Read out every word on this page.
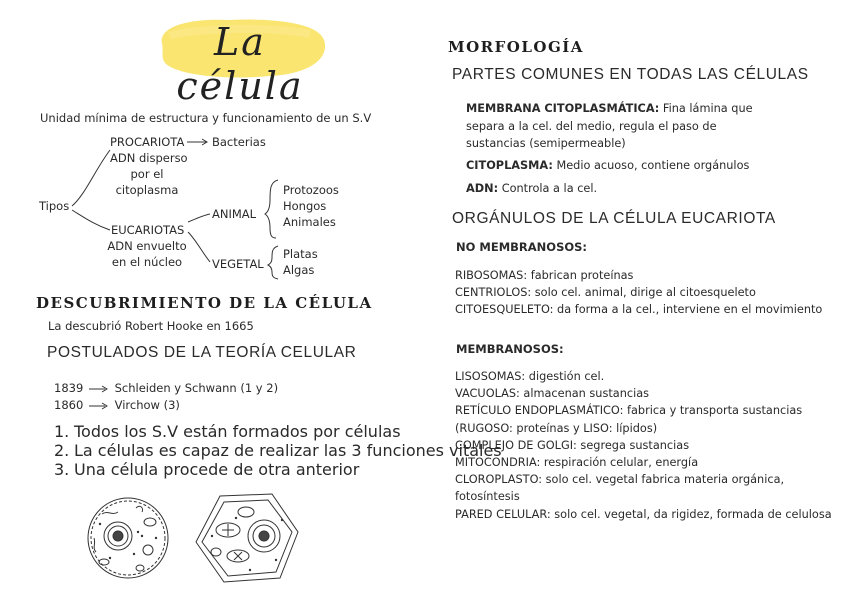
La célula
Unidad mínima de estructura y funcionamiento de un S.V
Tipos
PROCARIOTA Bacterias
ADN disperso
por el
citoplasma
EUCARIOTAS
ADN envuelto
en el núcleo
ANIMAL
Protozoos
Hongos
Animales
VEGETAL
Platas
Algas
DESCUBRIMIENTO DE LA CÉLULA
La descubrió Robert Hooke en 1665
POSTULADOS DE LA TEORÍA CELULAR
1839	Schleiden y Schwann (1 y 2)
1860	Virchow (3)
1. Todos los S.V están formados por células
2. La células es capaz de realizar las 3 funciones vitales
3. Una célula procede de otra anterior
MORFOLOGÍA
PARTES COMUNES EN TODAS LAS CÉLULAS
MEMBRANA CITOPLASMÁTICA: Fina lámina que
separa a la cel. del medio, regula el paso de
sustancias (semipermeable)
CITOPLASMA: Medio acuoso, contiene orgánulos
ADN: Controla a la cel.
ORGÁNULOS DE LA CÉLULA EUCARIOTA
NO MEMBRANOSOS:
RIBOSOMAS: fabrican proteínas
CENTRIOLOS: solo cel. animal, dirige al citoesqueleto
CITOESQUELETO: da forma a la cel., interviene en el movimiento
MEMBRANOSOS:
LISOSOMAS: digestión cel.
VACUOLAS: almacenan sustancias
RETÍCULO ENDOPLASMÁTICO: fabrica y transporta sustancias
(RUGOSO: proteínas y LISO: lípidos)
COMPLEJO DE GOLGI: segrega sustancias
MITOCONDRIA: respiración celular, energía
CLOROPLASTO: solo cel. vegetal fabrica materia orgánica,
fotosíntesis
PARED CELULAR: solo cel. vegetal, da rigidez, formada de celulosa
